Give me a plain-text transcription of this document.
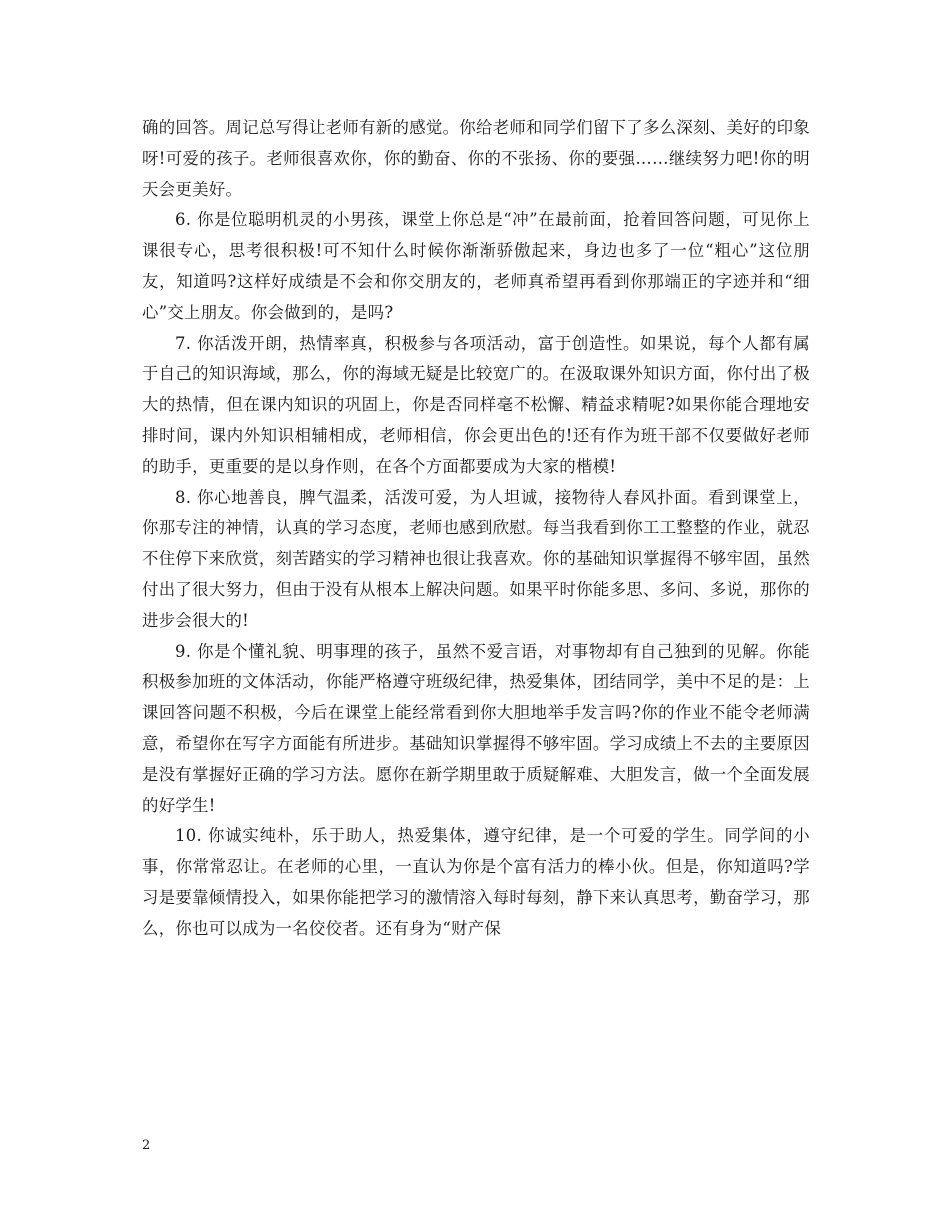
确的回答。周记总写得让老师有新的感觉。你给老师和同学们留下了多么深刻、美好的印象呀!可爱的孩子。老师很喜欢你，你的勤奋、你的不张扬、你的要强……继续努力吧!你的明天会更美好。

6. 你是位聪明机灵的小男孩，课堂上你总是“冲”在最前面，抢着回答问题，可见你上课很专心，思考很积极!可不知什么时候你渐渐骄傲起来，身边也多了一位“粗心”这位朋友，知道吗?这样好成绩是不会和你交朋友的，老师真希望再看到你那端正的字迹并和“细心”交上朋友。你会做到的，是吗?

7. 你活泼开朗，热情率真，积极参与各项活动，富于创造性。如果说，每个人都有属于自己的知识海域，那么，你的海域无疑是比较宽广的。在汲取课外知识方面，你付出了极大的热情，但在课内知识的巩固上，你是否同样毫不松懈、精益求精呢?如果你能合理地安排时间，课内外知识相辅相成，老师相信，你会更出色的!还有作为班干部不仅要做好老师的助手，更重要的是以身作则，在各个方面都要成为大家的楷模!

8. 你心地善良，脾气温柔，活泼可爱，为人坦诚，接物待人春风扑面。看到课堂上，你那专注的神情，认真的学习态度，老师也感到欣慰。每当我看到你工工整整的作业，就忍不住停下来欣赏，刻苦踏实的学习精神也很让我喜欢。你的基础知识掌握得不够牢固，虽然付出了很大努力，但由于没有从根本上解决问题。如果平时你能多思、多问、多说，那你的进步会很大的!

9. 你是个懂礼貌、明事理的孩子，虽然不爱言语，对事物却有自己独到的见解。你能积极参加班的文体活动，你能严格遵守班级纪律，热爱集体，团结同学，美中不足的是：上课回答问题不积极，今后在课堂上能经常看到你大胆地举手发言吗?你的作业不能令老师满意，希望你在写字方面能有所进步。基础知识掌握得不够牢固。学习成绩上不去的主要原因是没有掌握好正确的学习方法。愿你在新学期里敢于质疑解难、大胆发言，做一个全面发展的好学生!

10. 你诚实纯朴，乐于助人，热爱集体，遵守纪律，是一个可爱的学生。同学间的小事，你常常忍让。在老师的心里，一直认为你是个富有活力的棒小伙。但是，你知道吗?学习是要靠倾情投入，如果你能把学习的激情溶入每时每刻，静下来认真思考，勤奋学习，那么，你也可以成为一名佼佼者。还有身为“财产保

2
